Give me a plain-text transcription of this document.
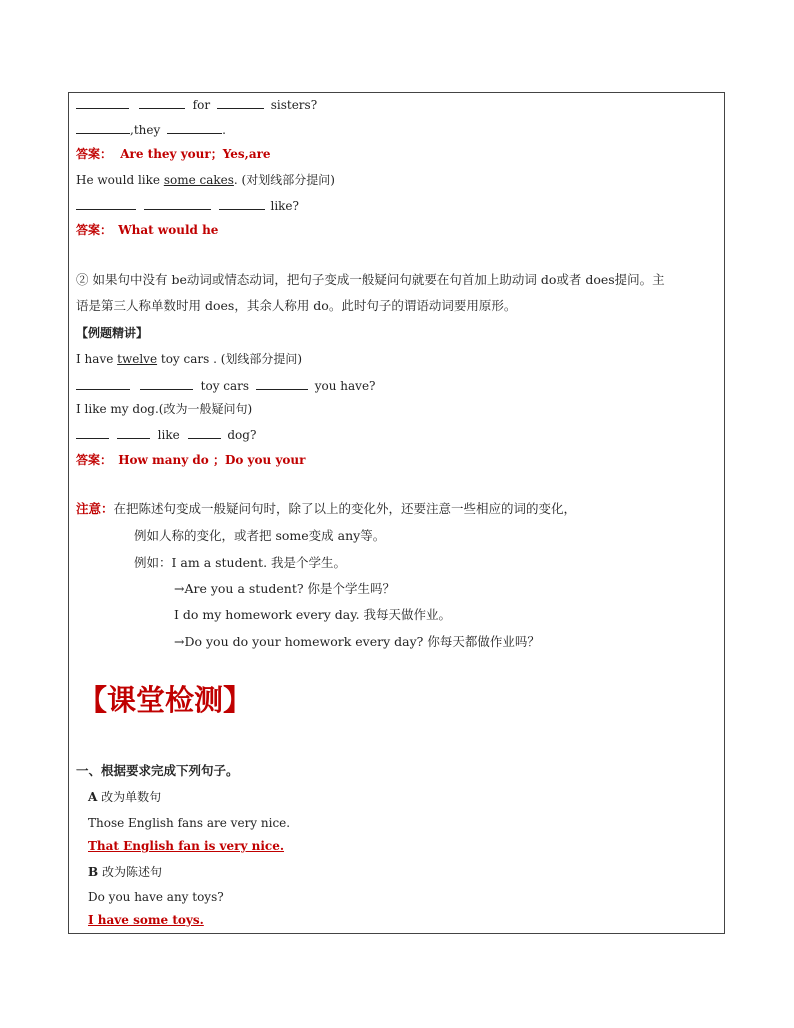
for	sisters?
,they	.
答案： Are they your；Yes,are
He would like some cakes. (对划线部分提问)
like?
答案： What would he
② 如果句中没有 be动词或情态动词，把句子变成一般疑问句就要在句首加上助动词 do或者 does提问。主
语是第三人称单数时用 does，其余人称用 do。此时句子的谓语动词要用原形。
【例题精讲】
I have twelve toy cars . (划线部分提问)
toy cars	you have?
I like my dog.(改为一般疑问句)
like	dog?
答案： How many do ；Do you your
注意：在把陈述句变成一般疑问句时，除了以上的变化外，还要注意一些相应的词的变化，
例如人称的变化，或者把 some变成 any等。
例如：I am a student. 我是个学生。
→Are you a student? 你是个学生吗？
I do my homework every day. 我每天做作业。
→Do you do your homework every day? 你每天都做作业吗？
【课堂检测】
一、根据要求完成下列句子。
A 改为单数句
Those English fans are very nice.
That English fan is very nice.
B 改为陈述句
Do you have any toys?
I have some toys.
